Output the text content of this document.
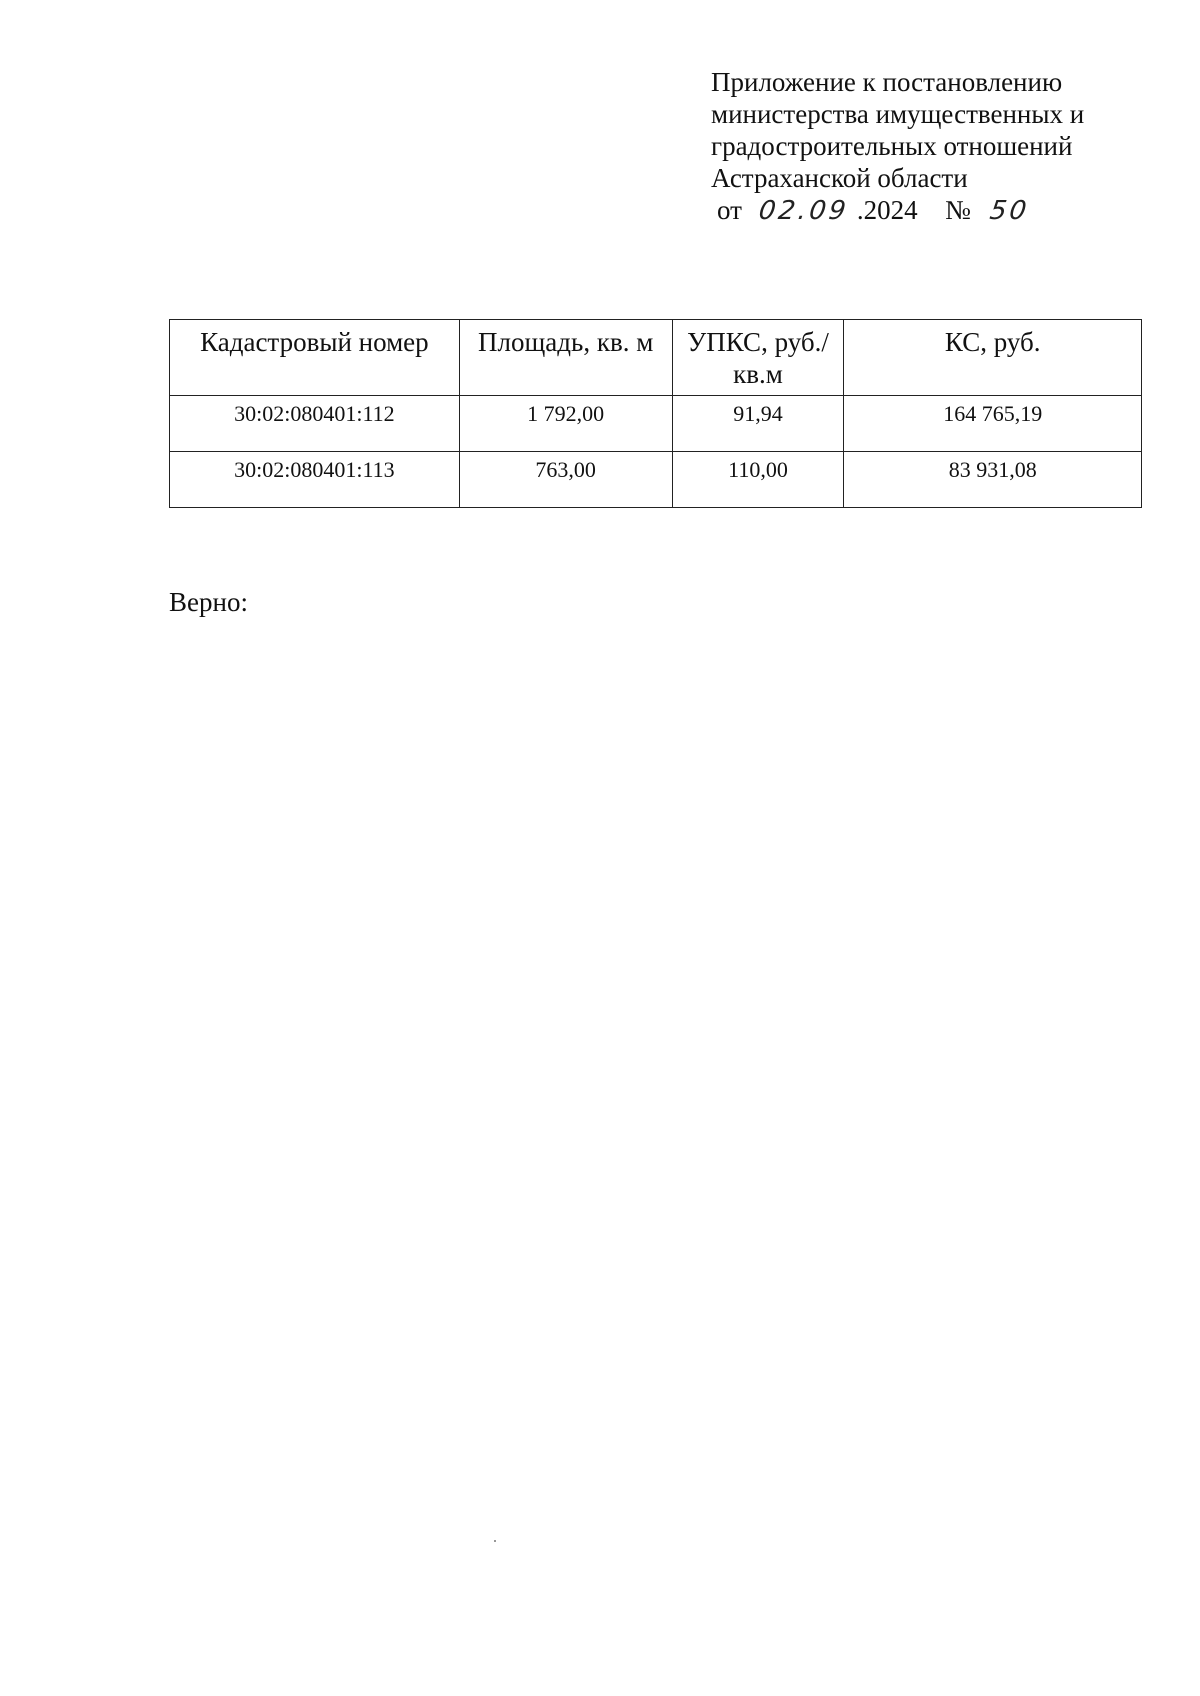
Приложение к постановлению
министерства имущественных и
градостроительных отношений
Астраханской области
от 02.09 .2024 № 50
Кадастровый номер	Площадь, кв. м	УПКС, руб./кв.м	КС, руб.
30:02:080401:112	1 792,00	91,94	164 765,19
30:02:080401:113	763,00	110,00	83 931,08
Верно:
